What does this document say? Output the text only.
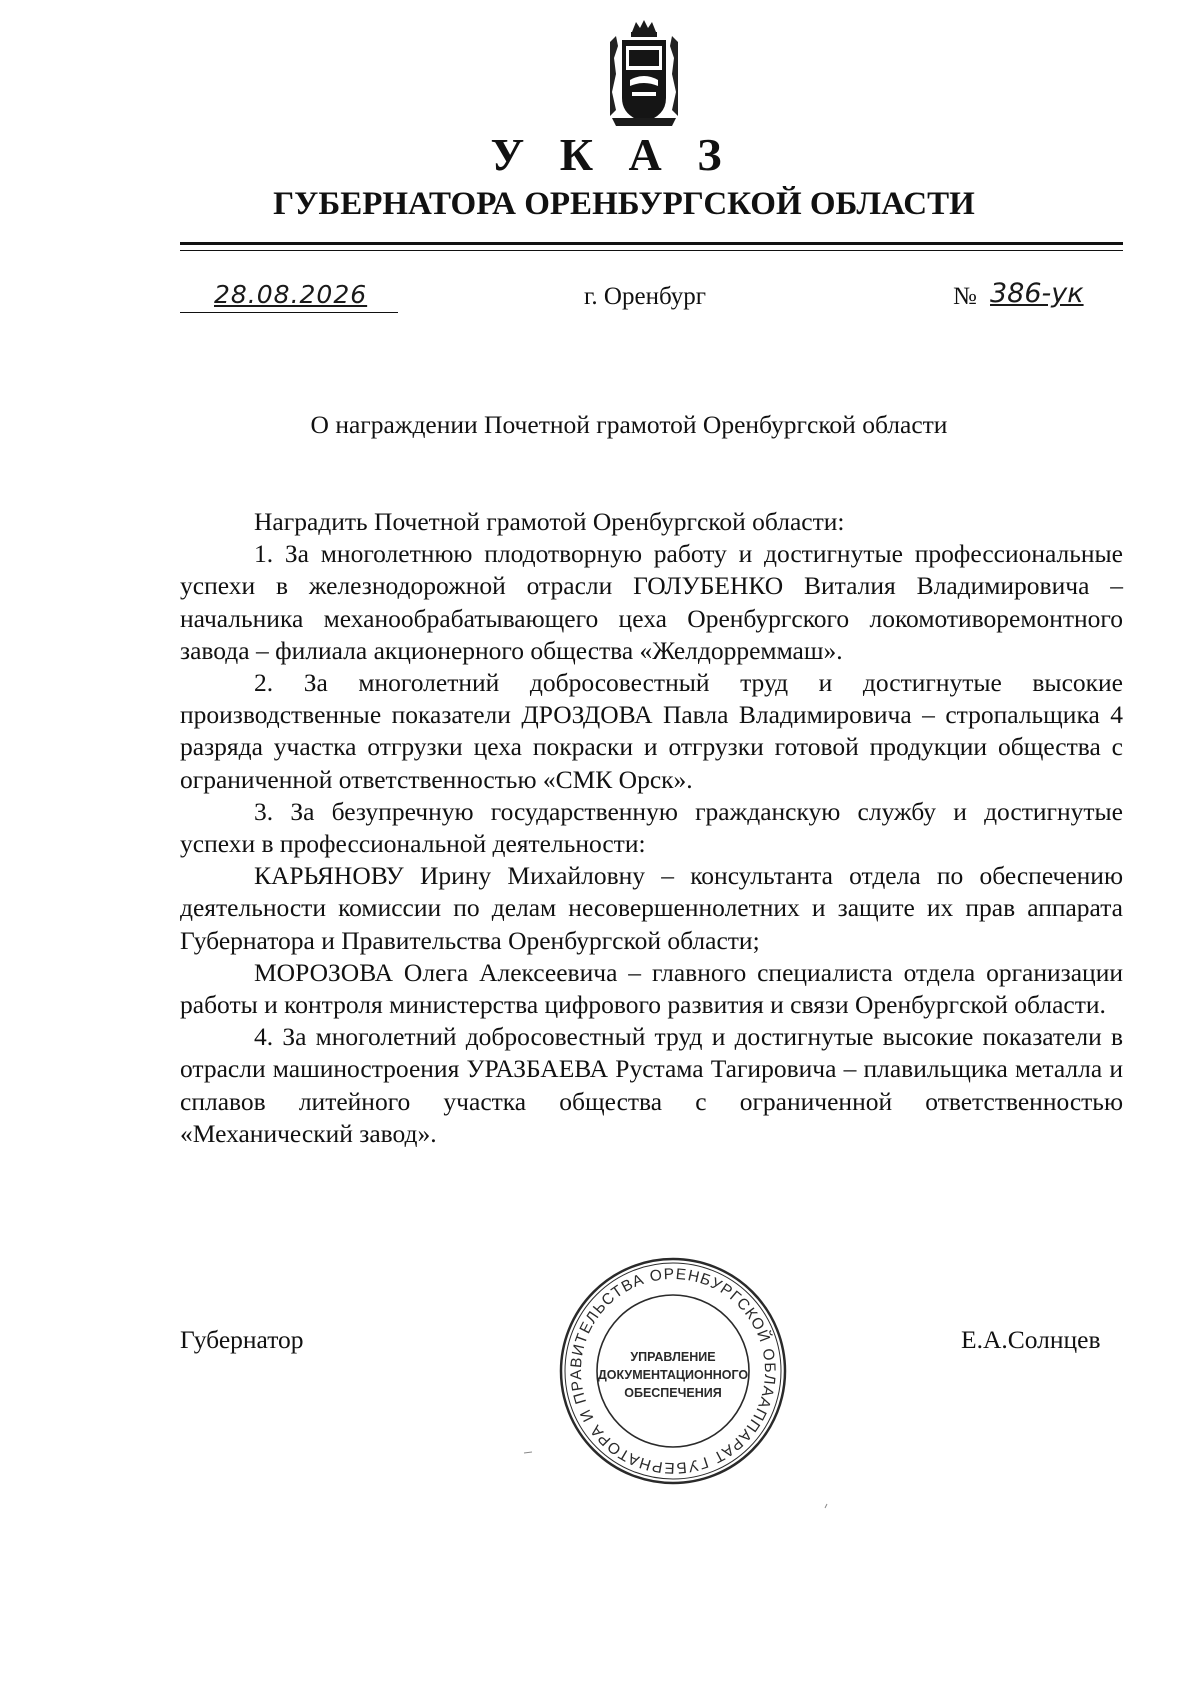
У К А З
ГУБЕРНАТОРА ОРЕНБУРГСКОЙ ОБЛАСТИ
28.08.2026	г. Оренбург	№ 386-ук
О награждении Почетной грамотой Оренбургской области

Наградить Почетной грамотой Оренбургской области:

1. За многолетнюю плодотворную работу и достигнутые профессиональные успехи в железнодорожной отрасли ГОЛУБЕНКО Виталия Владимировича – начальника механообрабатывающего цеха Оренбургского локомотиворемонтного завода – филиала акционерного общества «Желдорреммаш».

2. За многолетний добросовестный труд и достигнутые высокие производственные показатели ДРОЗДОВА Павла Владимировича – стропальщика 4 разряда участка отгрузки цеха покраски и отгрузки готовой продукции общества с ограниченной ответственностью «СМК Орск».

3. За безупречную государственную гражданскую службу и достигнутые успехи в профессиональной деятельности:

КАРЬЯНОВУ Ирину Михайловну – консультанта отдела по обеспечению деятельности комиссии по делам несовершеннолетних и защите их прав аппарата Губернатора и Правительства Оренбургской области;

МОРОЗОВА Олега Алексеевича – главного специалиста отдела организации работы и контроля министерства цифрового развития и связи Оренбургской области.

4. За многолетний добросовестный труд и достигнутые высокие показатели в отрасли машиностроения УРАЗБАЕВА Рустама Тагировича – плавильщика металла и сплавов литейного участка общества с ограниченной ответственностью «Механический завод».

Губернатор
АППАРАТ ГУБЕРНАТОРА И ПРАВИТЕЛЬСТВА ОРЕНБУРГСКОЙ ОБЛАСТИ
УПРАВЛЕНИЕ
ДОКУМЕНТАЦИОННОГО
ОБЕСПЕЧЕНИЯ
Е.А.Солнцев
